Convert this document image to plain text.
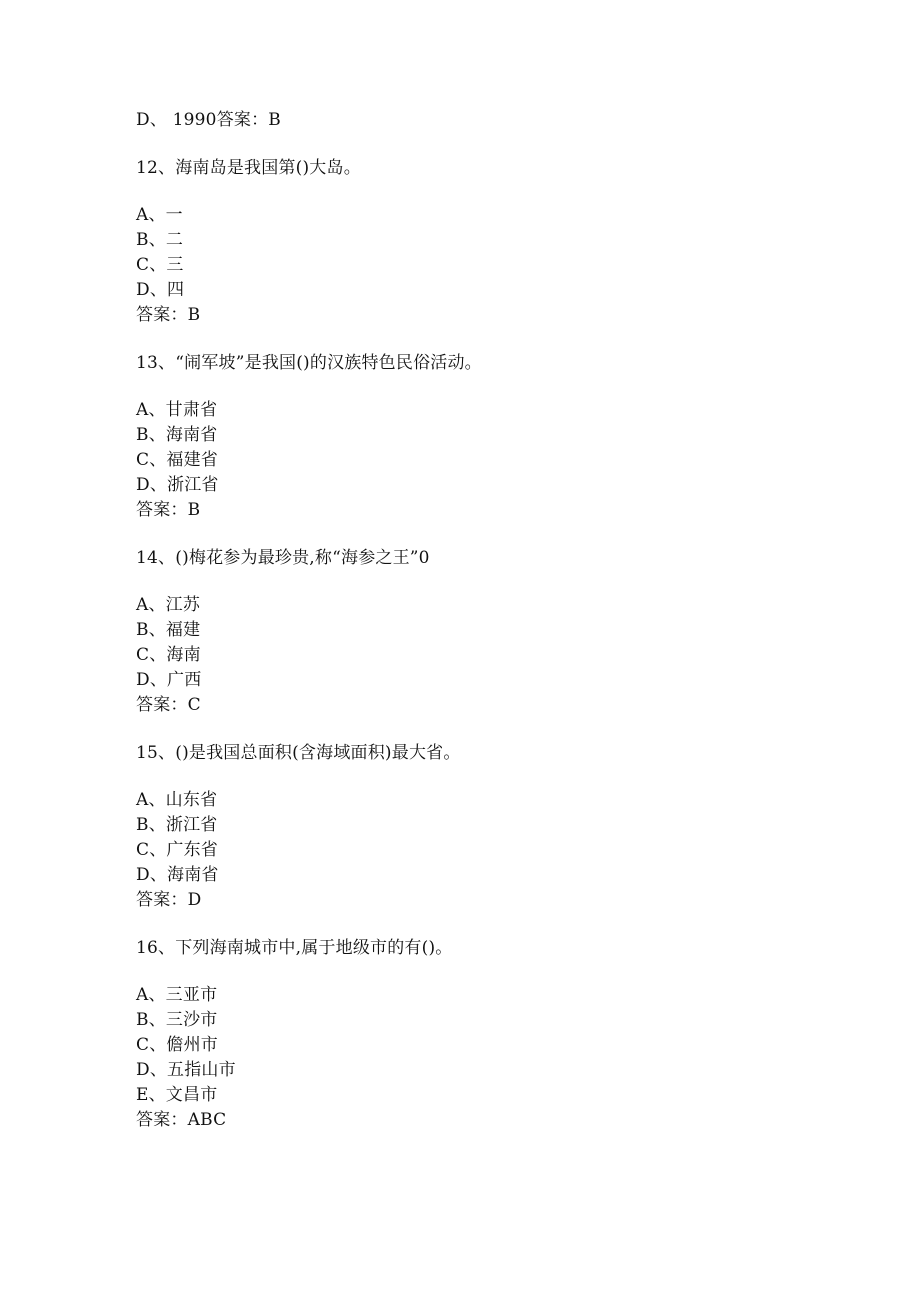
D、 1990答案：B
12、海南岛是我国第()大岛。
A、一
B、二
C、三
D、四
答案：B
13、“闹军坡”是我国()的汉族特色民俗活动。
A、甘肃省
B、海南省
C、福建省
D、浙江省
答案：B
14、()梅花参为最珍贵,称“海参之王”0
A、江苏
B、福建
C、海南
D、广西
答案：C
15、()是我国总面积(含海域面积)最大省。
A、山东省
B、浙江省
C、广东省
D、海南省
答案：D
16、下列海南城市中,属于地级市的有()。
A、三亚市
B、三沙市
C、儋州市
D、五指山市
E、文昌市
答案：ABC
